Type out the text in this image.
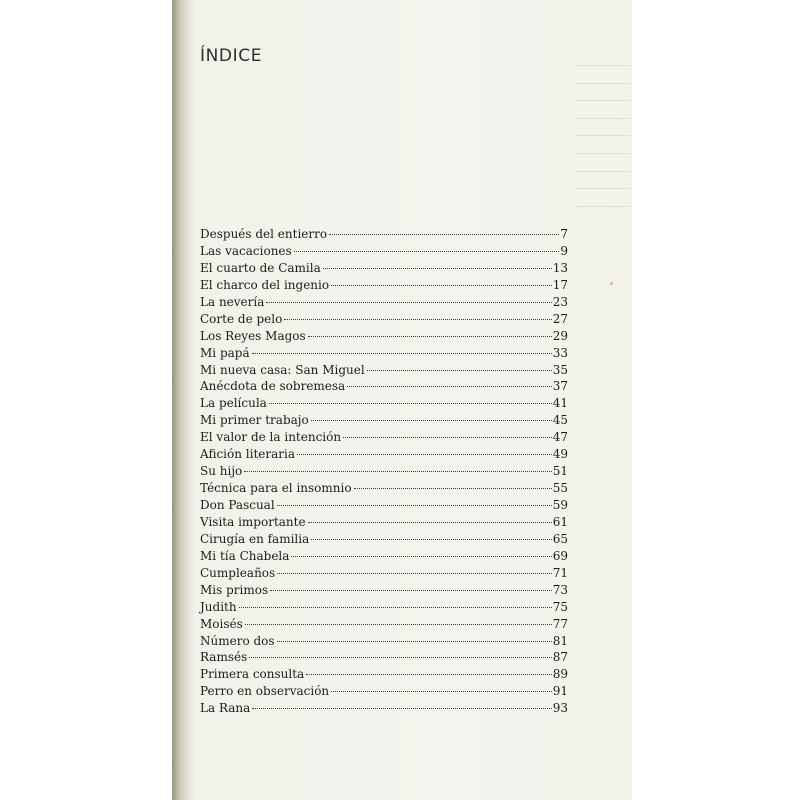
───────
───────
───────
───────
───────
───────
───────
───────
───────
ÍNDICE
Después del entierro	7
Las vacaciones	9
El cuarto de Camila	13
El charco del ingenio	17
La nevería	23
Corte de pelo	27
Los Reyes Magos	29
Mi papá	33
Mi nueva casa: San Miguel	35
Anécdota de sobremesa	37
La película	41
Mi primer trabajo	45
El valor de la intención	47
Afición literaria	49
Su hijo	51
Técnica para el insomnio	55
Don Pascual	59
Visita importante	61
Cirugía en familia	65
Mi tía Chabela	69
Cumpleaños	71
Mis primos	73
Judith	75
Moisés	77
Número dos	81
Ramsés	87
Primera consulta	89
Perro en observación	91
La Rana	93
